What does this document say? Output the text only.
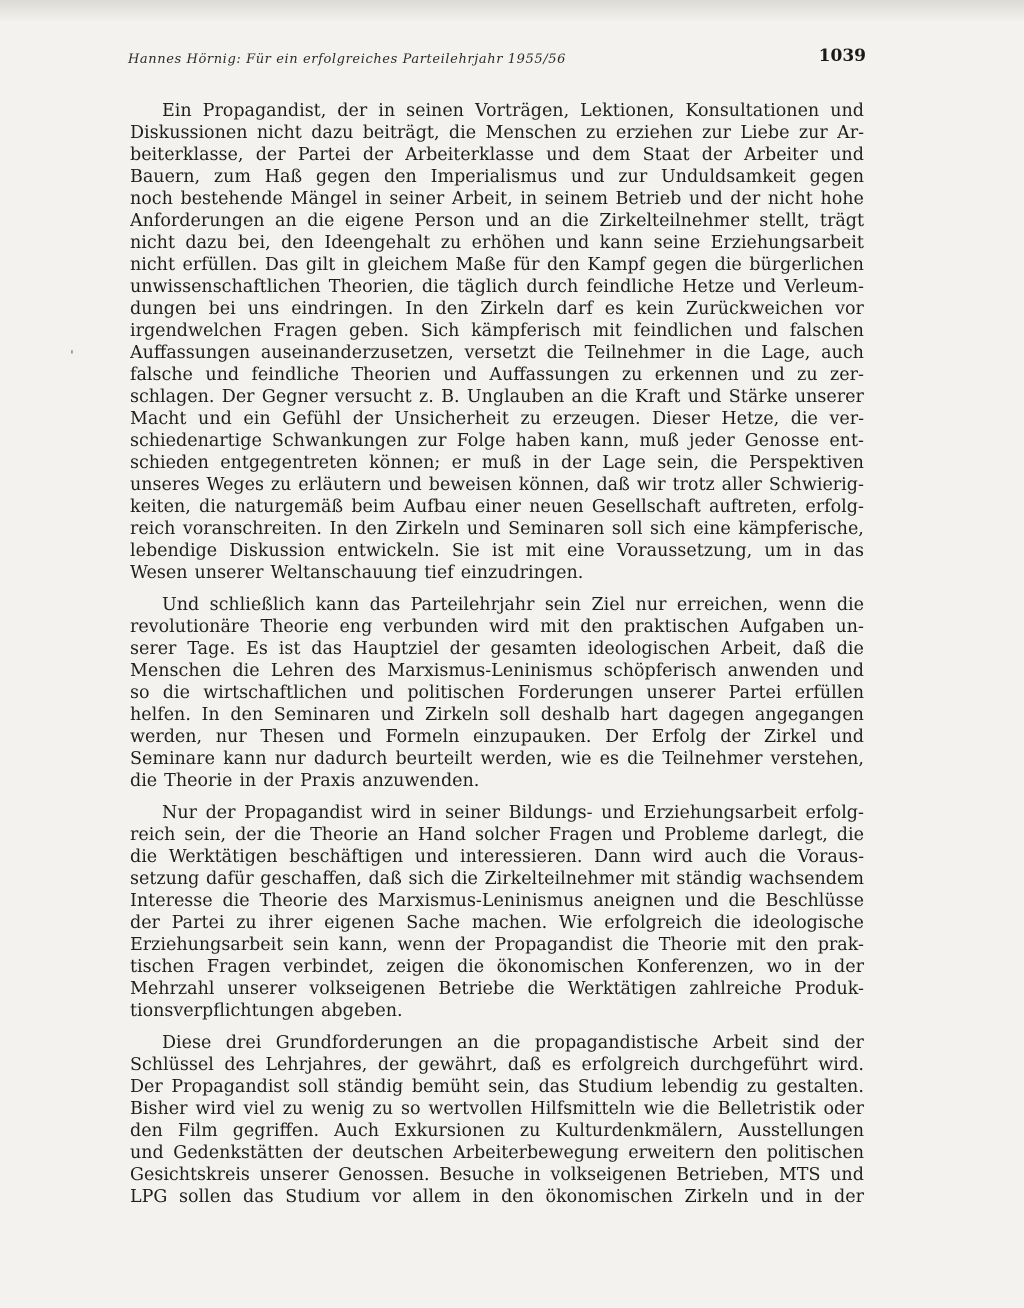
Hannes Hörnig: Für ein erfolgreiches Parteilehrjahr 1955/56	1039
ˌ
Ein Propagandist, der in seinen Vorträgen, Lektionen, Konsultationen und
Diskussionen nicht dazu beiträgt, die Menschen zu erziehen zur Liebe zur Ar-
beiterklasse, der Partei der Arbeiterklasse und dem Staat der Arbeiter und
Bauern, zum Haß gegen den Imperialismus und zur Unduldsamkeit gegen
noch bestehende Mängel in seiner Arbeit, in seinem Betrieb und der nicht hohe
Anforderungen an die eigene Person und an die Zirkelteilnehmer stellt, trägt
nicht dazu bei, den Ideengehalt zu erhöhen und kann seine Erziehungsarbeit
nicht erfüllen. Das gilt in gleichem Maße für den Kampf gegen die bürgerlichen
unwissenschaftlichen Theorien, die täglich durch feindliche Hetze und Verleum-
dungen bei uns eindringen. In den Zirkeln darf es kein Zurückweichen vor
irgendwelchen Fragen geben. Sich kämpferisch mit feindlichen und falschen
Auffassungen auseinanderzusetzen, versetzt die Teilnehmer in die Lage, auch
falsche und feindliche Theorien und Auffassungen zu erkennen und zu zer-
schlagen. Der Gegner versucht z. B. Unglauben an die Kraft und Stärke unserer
Macht und ein Gefühl der Unsicherheit zu erzeugen. Dieser Hetze, die ver-
schiedenartige Schwankungen zur Folge haben kann, muß jeder Genosse ent-
schieden entgegentreten können; er muß in der Lage sein, die Perspektiven
unseres Weges zu erläutern und beweisen können, daß wir trotz aller Schwierig-
keiten, die naturgemäß beim Aufbau einer neuen Gesellschaft auftreten, erfolg-
reich voranschreiten. In den Zirkeln und Seminaren soll sich eine kämpferische,
lebendige Diskussion entwickeln. Sie ist mit eine Voraussetzung, um in das
Wesen unserer Weltanschauung tief einzudringen.
Und schließlich kann das Parteilehrjahr sein Ziel nur erreichen, wenn die
revolutionäre Theorie eng verbunden wird mit den praktischen Aufgaben un-
serer Tage. Es ist das Hauptziel der gesamten ideologischen Arbeit, daß die
Menschen die Lehren des Marxismus-Leninismus schöpferisch anwenden und
so die wirtschaftlichen und politischen Forderungen unserer Partei erfüllen
helfen. In den Seminaren und Zirkeln soll deshalb hart dagegen angegangen
werden, nur Thesen und Formeln einzupauken. Der Erfolg der Zirkel und
Seminare kann nur dadurch beurteilt werden, wie es die Teilnehmer verstehen,
die Theorie in der Praxis anzuwenden.
Nur der Propagandist wird in seiner Bildungs- und Erziehungsarbeit erfolg-
reich sein, der die Theorie an Hand solcher Fragen und Probleme darlegt, die
die Werktätigen beschäftigen und interessieren. Dann wird auch die Voraus-
setzung dafür geschaffen, daß sich die Zirkelteilnehmer mit ständig wachsendem
Interesse die Theorie des Marxismus-Leninismus aneignen und die Beschlüsse
der Partei zu ihrer eigenen Sache machen. Wie erfolgreich die ideologische
Erziehungsarbeit sein kann, wenn der Propagandist die Theorie mit den prak-
tischen Fragen verbindet, zeigen die ökonomischen Konferenzen, wo in der
Mehrzahl unserer volkseigenen Betriebe die Werktätigen zahlreiche Produk-
tionsverpflichtungen abgeben.
Diese drei Grundforderungen an die propagandistische Arbeit sind der
Schlüssel des Lehrjahres, der gewährt, daß es erfolgreich durchgeführt wird.
Der Propagandist soll ständig bemüht sein, das Studium lebendig zu gestalten.
Bisher wird viel zu wenig zu so wertvollen Hilfsmitteln wie die Belletristik oder
den Film gegriffen. Auch Exkursionen zu Kulturdenkmälern, Ausstellungen
und Gedenkstätten der deutschen Arbeiterbewegung erweitern den politischen
Gesichtskreis unserer Genossen. Besuche in volkseigenen Betrieben, MTS und
LPG sollen das Studium vor allem in den ökonomischen Zirkeln und in der
